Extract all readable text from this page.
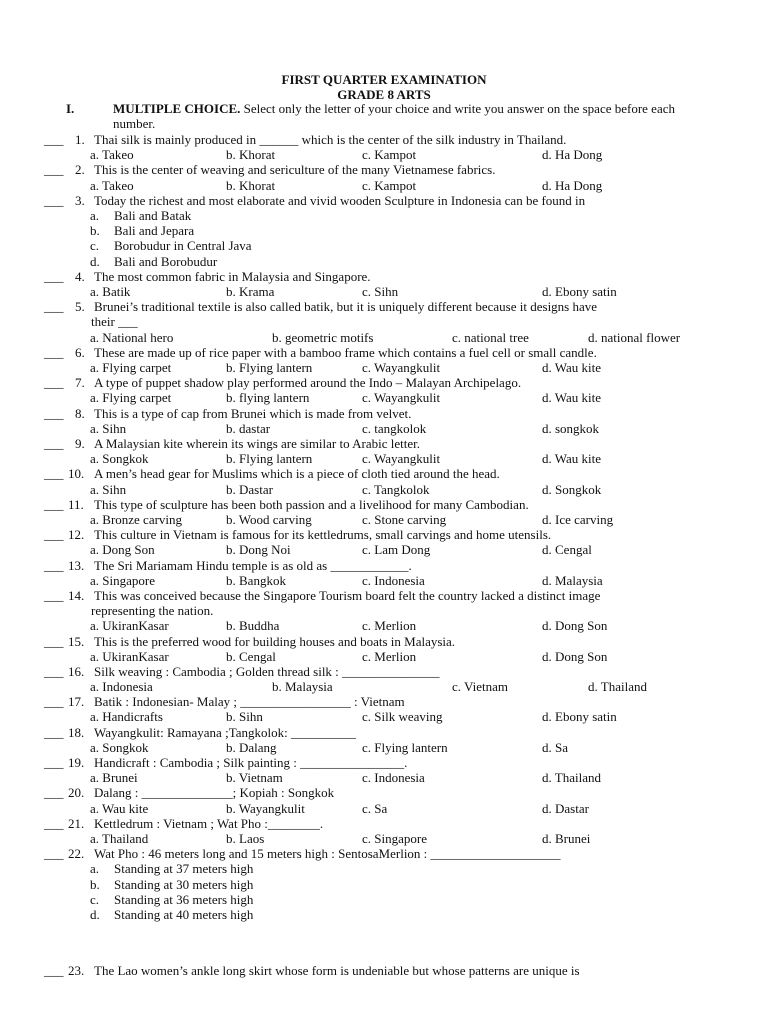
FIRST QUARTER EXAMINATION
GRADE 8 ARTS
I.	MULTIPLE CHOICE. Select only the letter of your choice and write you answer on the space before each number.
___ 1. Thai silk is mainly produced in ______ which is the center of the silk industry in Thailand.
a. Takeo	b. Khorat	c. Kampot	d. Ha Dong
___ 2. This is the center of weaving and sericulture of the many Vietnamese fabrics.
a. Takeo	b. Khorat	c. Kampot	d. Ha Dong
___ 3. Today the richest and most elaborate and vivid wooden Sculpture in Indonesia can be found in
a. Bali and Batak
b. Bali and Jepara
c. Borobudur in Central Java
d. Bali and Borobudur
___ 4. The most common fabric in Malaysia and Singapore.
a. Batik	b. Krama	c. Sihn	d. Ebony satin
___ 5. Brunei’s traditional textile is also called batik, but it is uniquely different because it designs have
their ___
a. National hero	b. geometric motifs	c. national tree	d. national flower
___ 6. These are made up of rice paper with a bamboo frame which contains a fuel cell or small candle.
a. Flying carpet	b. Flying lantern	c. Wayangkulit	d. Wau kite
___ 7. A type of puppet shadow play performed around the Indo – Malayan Archipelago.
a. Flying carpet	b. flying lantern	c. Wayangkulit	d. Wau kite
___ 8. This is a type of cap from Brunei which is made from velvet.
a. Sihn	b. dastar	c. tangkolok	d. songkok
___ 9. A Malaysian kite wherein its wings are similar to Arabic letter.
a. Songkok	b. Flying lantern	c. Wayangkulit	d. Wau kite
___ 10. A men’s head gear for Muslims which is a piece of cloth tied around the head.
a. Sihn	b. Dastar	c. Tangkolok	d. Songkok
___ 11. This type of sculpture has been both passion and a livelihood for many Cambodian.
a. Bronze carving	b. Wood carving	c. Stone carving	d. Ice carving
___ 12. This culture in Vietnam is famous for its kettledrums, small carvings and home utensils.
a. Dong Son	b. Dong Noi	c. Lam Dong	d. Cengal
___ 13. The Sri Mariamam Hindu temple is as old as ____________.
a. Singapore	b. Bangkok	c. Indonesia	d. Malaysia
___ 14. This was conceived because the Singapore Tourism board felt the country lacked a distinct image
representing the nation.
a. UkiranKasar	b. Buddha	c. Merlion	d. Dong Son
___ 15. This is the preferred wood for building houses and boats in Malaysia.
a. UkiranKasar	b. Cengal	c. Merlion	d. Dong Son
___ 16. Silk weaving : Cambodia ; Golden thread silk : _______________
a. Indonesia	b. Malaysia	c. Vietnam	d. Thailand
___ 17. Batik : Indonesian- Malay ; _________________ : Vietnam
a. Handicrafts	b. Sihn	c. Silk weaving	d. Ebony satin
___ 18. Wayangkulit: Ramayana ;Tangkolok: __________
a. Songkok	b. Dalang	c. Flying lantern	d. Sa
___ 19. Handicraft : Cambodia ; Silk painting : ________________.
a. Brunei	b. Vietnam	c. Indonesia	d. Thailand
___ 20. Dalang : ______________; Kopiah : Songkok
a. Wau kite	b. Wayangkulit	c. Sa	d. Dastar
___ 21. Kettledrum : Vietnam ; Wat Pho :________.
a. Thailand	b. Laos	c. Singapore	d. Brunei
___ 22. Wat Pho : 46 meters long and 15 meters high : SentosaMerlion : ____________________
a. Standing at 37 meters high
b. Standing at 30 meters high
c. Standing at 36 meters high
d. Standing at 40 meters high
___ 23. The Lao women’s ankle long skirt whose form is undeniable but whose patterns are unique is
